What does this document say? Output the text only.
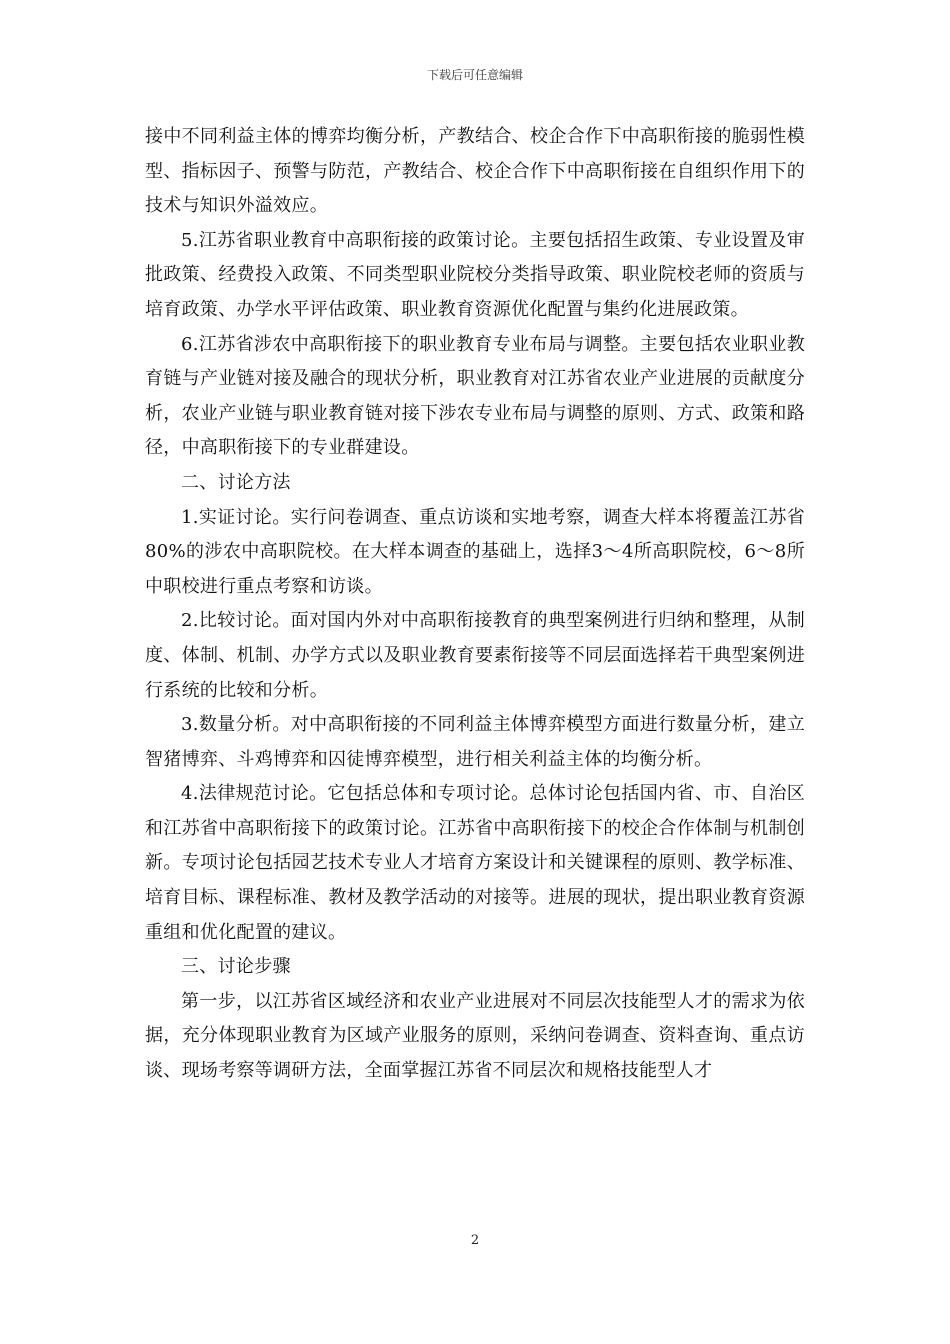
下载后可任意编辑

接中不同利益主体的博弈均衡分析，产教结合、校企合作下中高职衔接的脆弱性模型、指标因子、预警与防范，产教结合、校企合作下中高职衔接在自组织作用下的技术与知识外溢效应。

5.江苏省职业教育中高职衔接的政策讨论。主要包括招生政策、专业设置及审批政策、经费投入政策、不同类型职业院校分类指导政策、职业院校老师的资质与培育政策、办学水平评估政策、职业教育资源优化配置与集约化进展政策。

6.江苏省涉农中高职衔接下的职业教育专业布局与调整。主要包括农业职业教育链与产业链对接及融合的现状分析，职业教育对江苏省农业产业进展的贡献度分析，农业产业链与职业教育链对接下涉农专业布局与调整的原则、方式、政策和路径，中高职衔接下的专业群建设。

二、讨论方法

1.实证讨论。实行问卷调查、重点访谈和实地考察，调查大样本将覆盖江苏省80%的涉农中高职院校。在大样本调查的基础上，选择3～4所高职院校，6～8所中职校进行重点考察和访谈。

2.比较讨论。面对国内外对中高职衔接教育的典型案例进行归纳和整理，从制度、体制、机制、办学方式以及职业教育要素衔接等不同层面选择若干典型案例进行系统的比较和分析。

3.数量分析。对中高职衔接的不同利益主体博弈模型方面进行数量分析，建立智猪博弈、斗鸡博弈和囚徒博弈模型，进行相关利益主体的均衡分析。

4.法律规范讨论。它包括总体和专项讨论。总体讨论包括国内省、市、自治区和江苏省中高职衔接下的政策讨论。江苏省中高职衔接下的校企合作体制与机制创新。专项讨论包括园艺技术专业人才培育方案设计和关键课程的原则、教学标准、培育目标、课程标准、教材及教学活动的对接等。进展的现状，提出职业教育资源重组和优化配置的建议。

三、讨论步骤

第一步，以江苏省区域经济和农业产业进展对不同层次技能型人才的需求为依据，充分体现职业教育为区域产业服务的原则，采纳问卷调查、资料查询、重点访谈、现场考察等调研方法，全面掌握江苏省不同层次和规格技能型人才

2
